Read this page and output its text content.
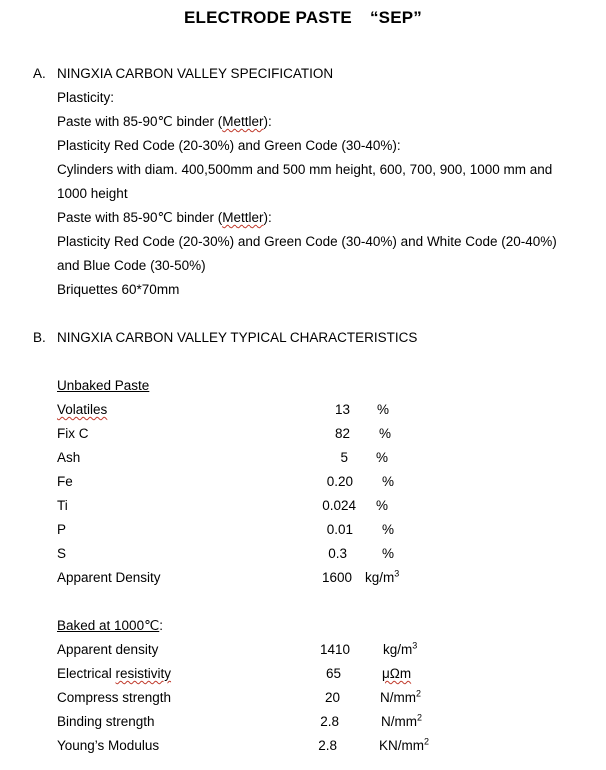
ELECTRODE PASTE “SEP”
A. NINGXIA CARBON VALLEY SPECIFICATION
Plasticity:
Paste with 85-90℃ binder (Mettler):
Plasticity Red Code (20-30%) and Green Code (30-40%):
Cylinders with diam. 400,500mm and 500 mm height, 600, 700, 900, 1000 mm and
1000 height
Paste with 85-90℃ binder (Mettler):
Plasticity Red Code (20-30%) and Green Code (30-40%) and White Code (20-40%)
and Blue Code (30-50%)
Briquettes 60*70mm
B. NINGXIA CARBON VALLEY TYPICAL CHARACTERISTICS
Unbaked Paste
Volatiles	13 %
Fix C	82 %
Ash	5 %
Fe	0.20 %
Ti	0.024 %
P	0.01 %
S	0.3	%
Apparent Density	1600 $kg/m^3$
Baked at 1000℃:
Apparent density	1410 $kg/m^3$
Electrical resistivity	65	μΩm
Compress strength	20	$N/mm^2$
Binding strength	2.8	$N/mm^2$
Young’s Modulus	2.8	$KN/mm^2$
